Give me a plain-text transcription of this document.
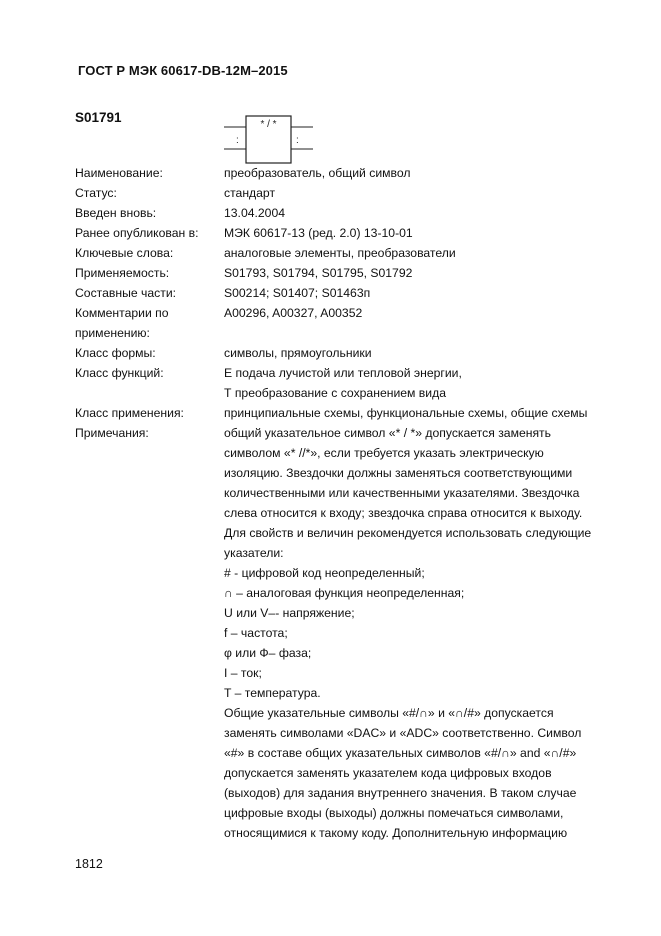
ГОСТ Р МЭК 60617-DB-12M–2015
S01791
:	:
* / *
Наименование:	преобразователь, общий символ
Статус:	стандарт
Введен вновь:	13.04.2004
Ранее опубликован в:	МЭК 60617-13 (ред. 2.0) 13-10-01
Ключевые слова:	аналоговые элементы, преобразователи
Применяемость:	S01793, S01794, S01795, S01792
Составные части:	S00214; S01407; S01463п
Комментарии по
применению:
A00296, A00327, A00352
Класс формы:	символы, прямоугольники
Класс функций:	E подача лучистой или тепловой энергии,
Т преобразование с сохранением вида
Класс применения:	принципиальные схемы, функциональные схемы, общие схемы
Примечания:	общий указательное символ «* / *» допускается заменять
символом «* //*», если требуется указать электрическую
изоляцию. Звездочки должны заменяться соответствующими
количественными или качественными указателями. Звездочка
слева относится к входу; звездочка справа относится к выходу.
Для свойств и величин рекомендуется использовать следующие
указатели:
# - цифровой код неопределенный;
∩ – аналоговая функция неопределенная;
U или V–- напряжение;
f – частота;
φ или Ф– фаза;
I – ток;
T – температура.
Общие указательные символы «#/∩» и «∩/#» допускается
заменять символами «DAC» и «ADC» соответственно. Символ
«#» в составе общих указательных символов «#/∩» and «∩/#»
допускается заменять указателем кода цифровых входов
(выходов) для задания внутреннего значения. В таком случае
цифровые входы (выходы) должны помечаться символами,
относящимися к такому коду. Дополнительную информацию
1812
